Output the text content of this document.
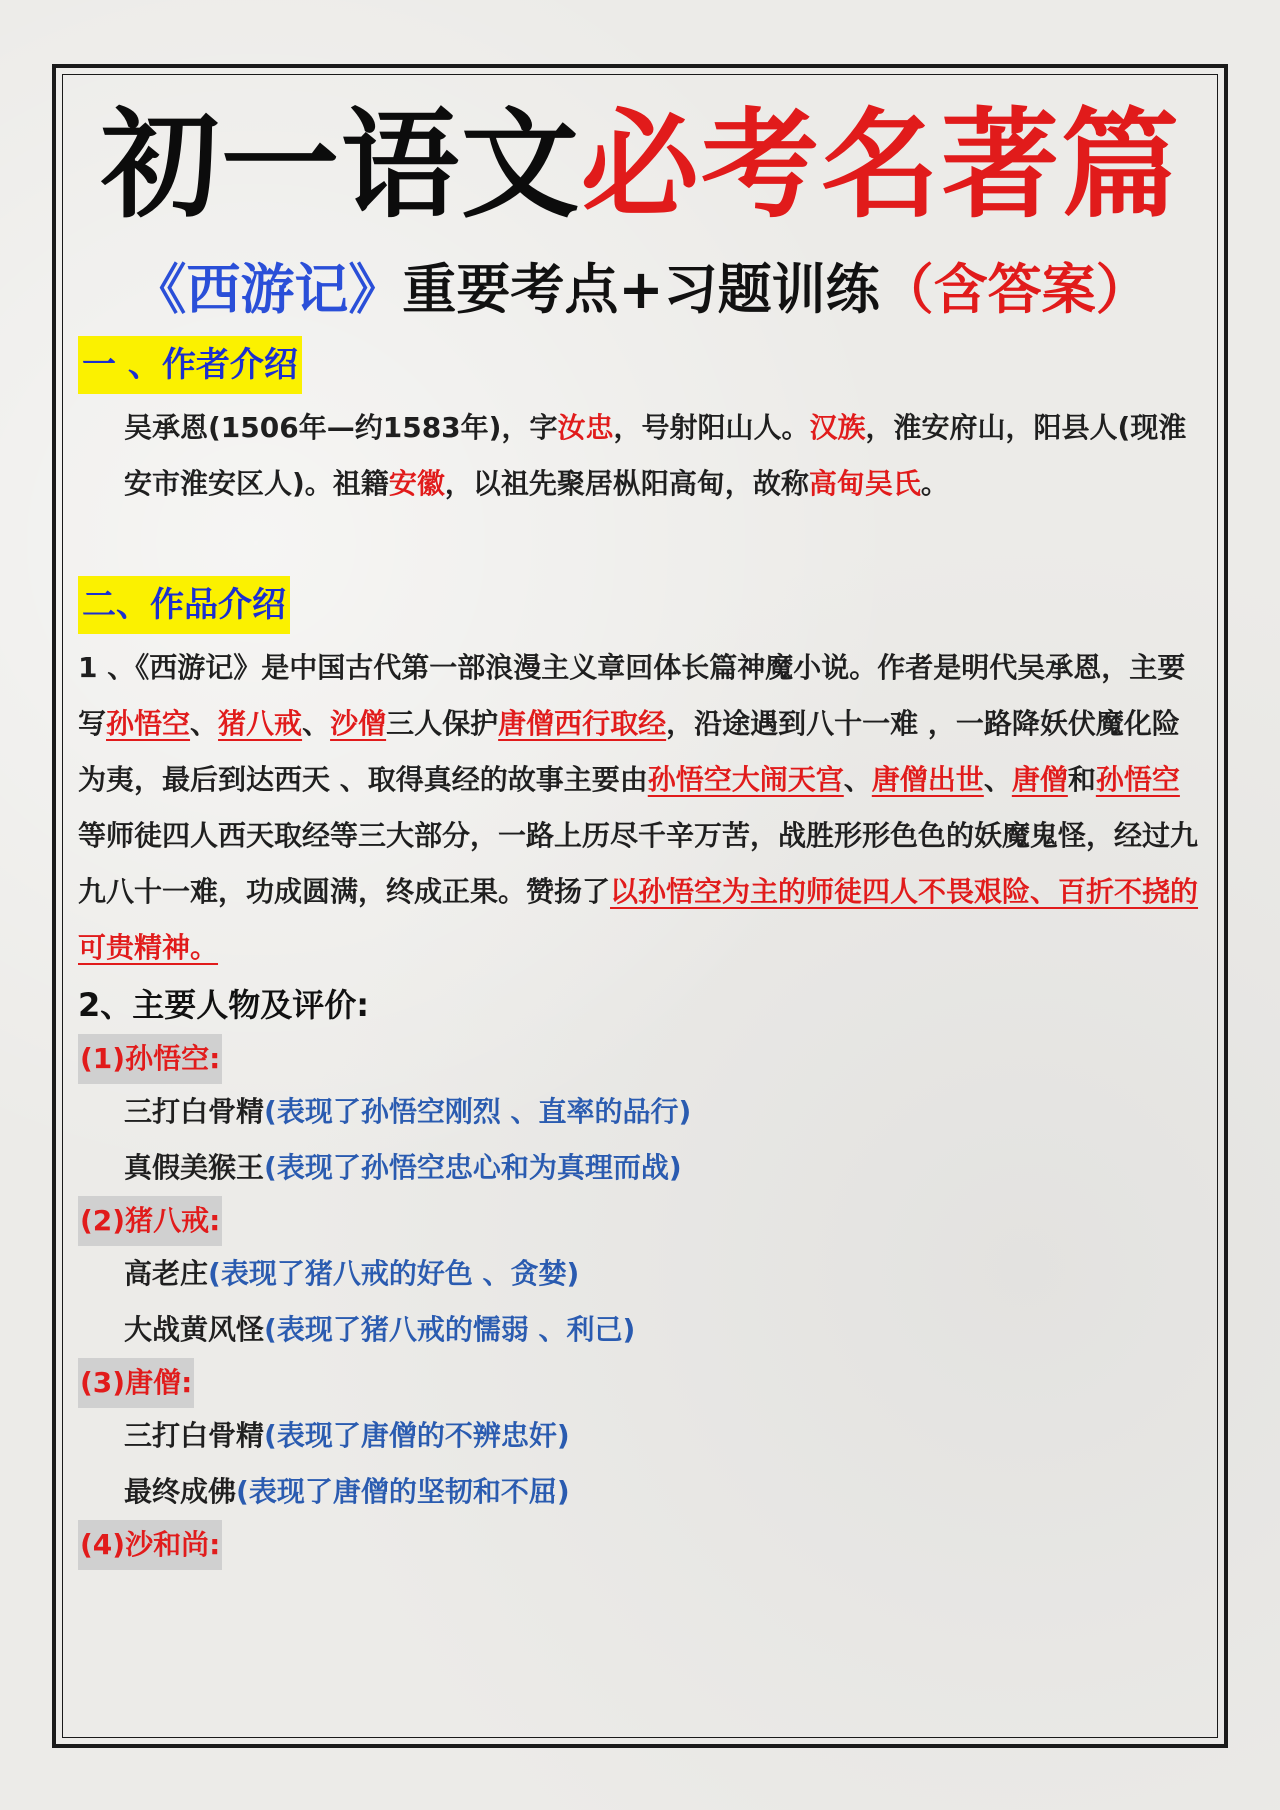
初一语文必考名著篇
《西游记》重要考点+习题训练（含答案）
一 、作者介绍

吴承恩(1506年—约1583年)，字汝忠，号射阳山人。汉族，淮安府山，阳县人(现淮安市淮安区人)。祖籍安徽，以祖先聚居枞阳高甸，故称高甸吴氏。

二、作品介绍

1 、《西游记》是中国古代第一部浪漫主义章回体长篇神魔小说。作者是明代吴承恩，主要写孙悟空、猪八戒、沙僧三人保护唐僧西行取经，沿途遇到八十一难 ，一路降妖伏魔化险为夷，最后到达西天 、取得真经的故事主要由孙悟空大闹天宫、唐僧出世、唐僧和孙悟空等师徒四人西天取经等三大部分，一路上历尽千辛万苦，战胜形形色色的妖魔鬼怪，经过九九八十一难，功成圆满，终成正果。赞扬了以孙悟空为主的师徒四人不畏艰险、百折不挠的可贵精神。

2、主要人物及评价:
(1)孙悟空:
三打白骨精(表现了孙悟空刚烈 、直率的品行)
真假美猴王(表现了孙悟空忠心和为真理而战)
(2)猪八戒:
高老庄(表现了猪八戒的好色 、贪婪)
大战黄风怪(表现了猪八戒的懦弱 、利己)
(3)唐僧:
三打白骨精(表现了唐僧的不辨忠奸)
最终成佛(表现了唐僧的坚韧和不屈)
(4)沙和尚:
